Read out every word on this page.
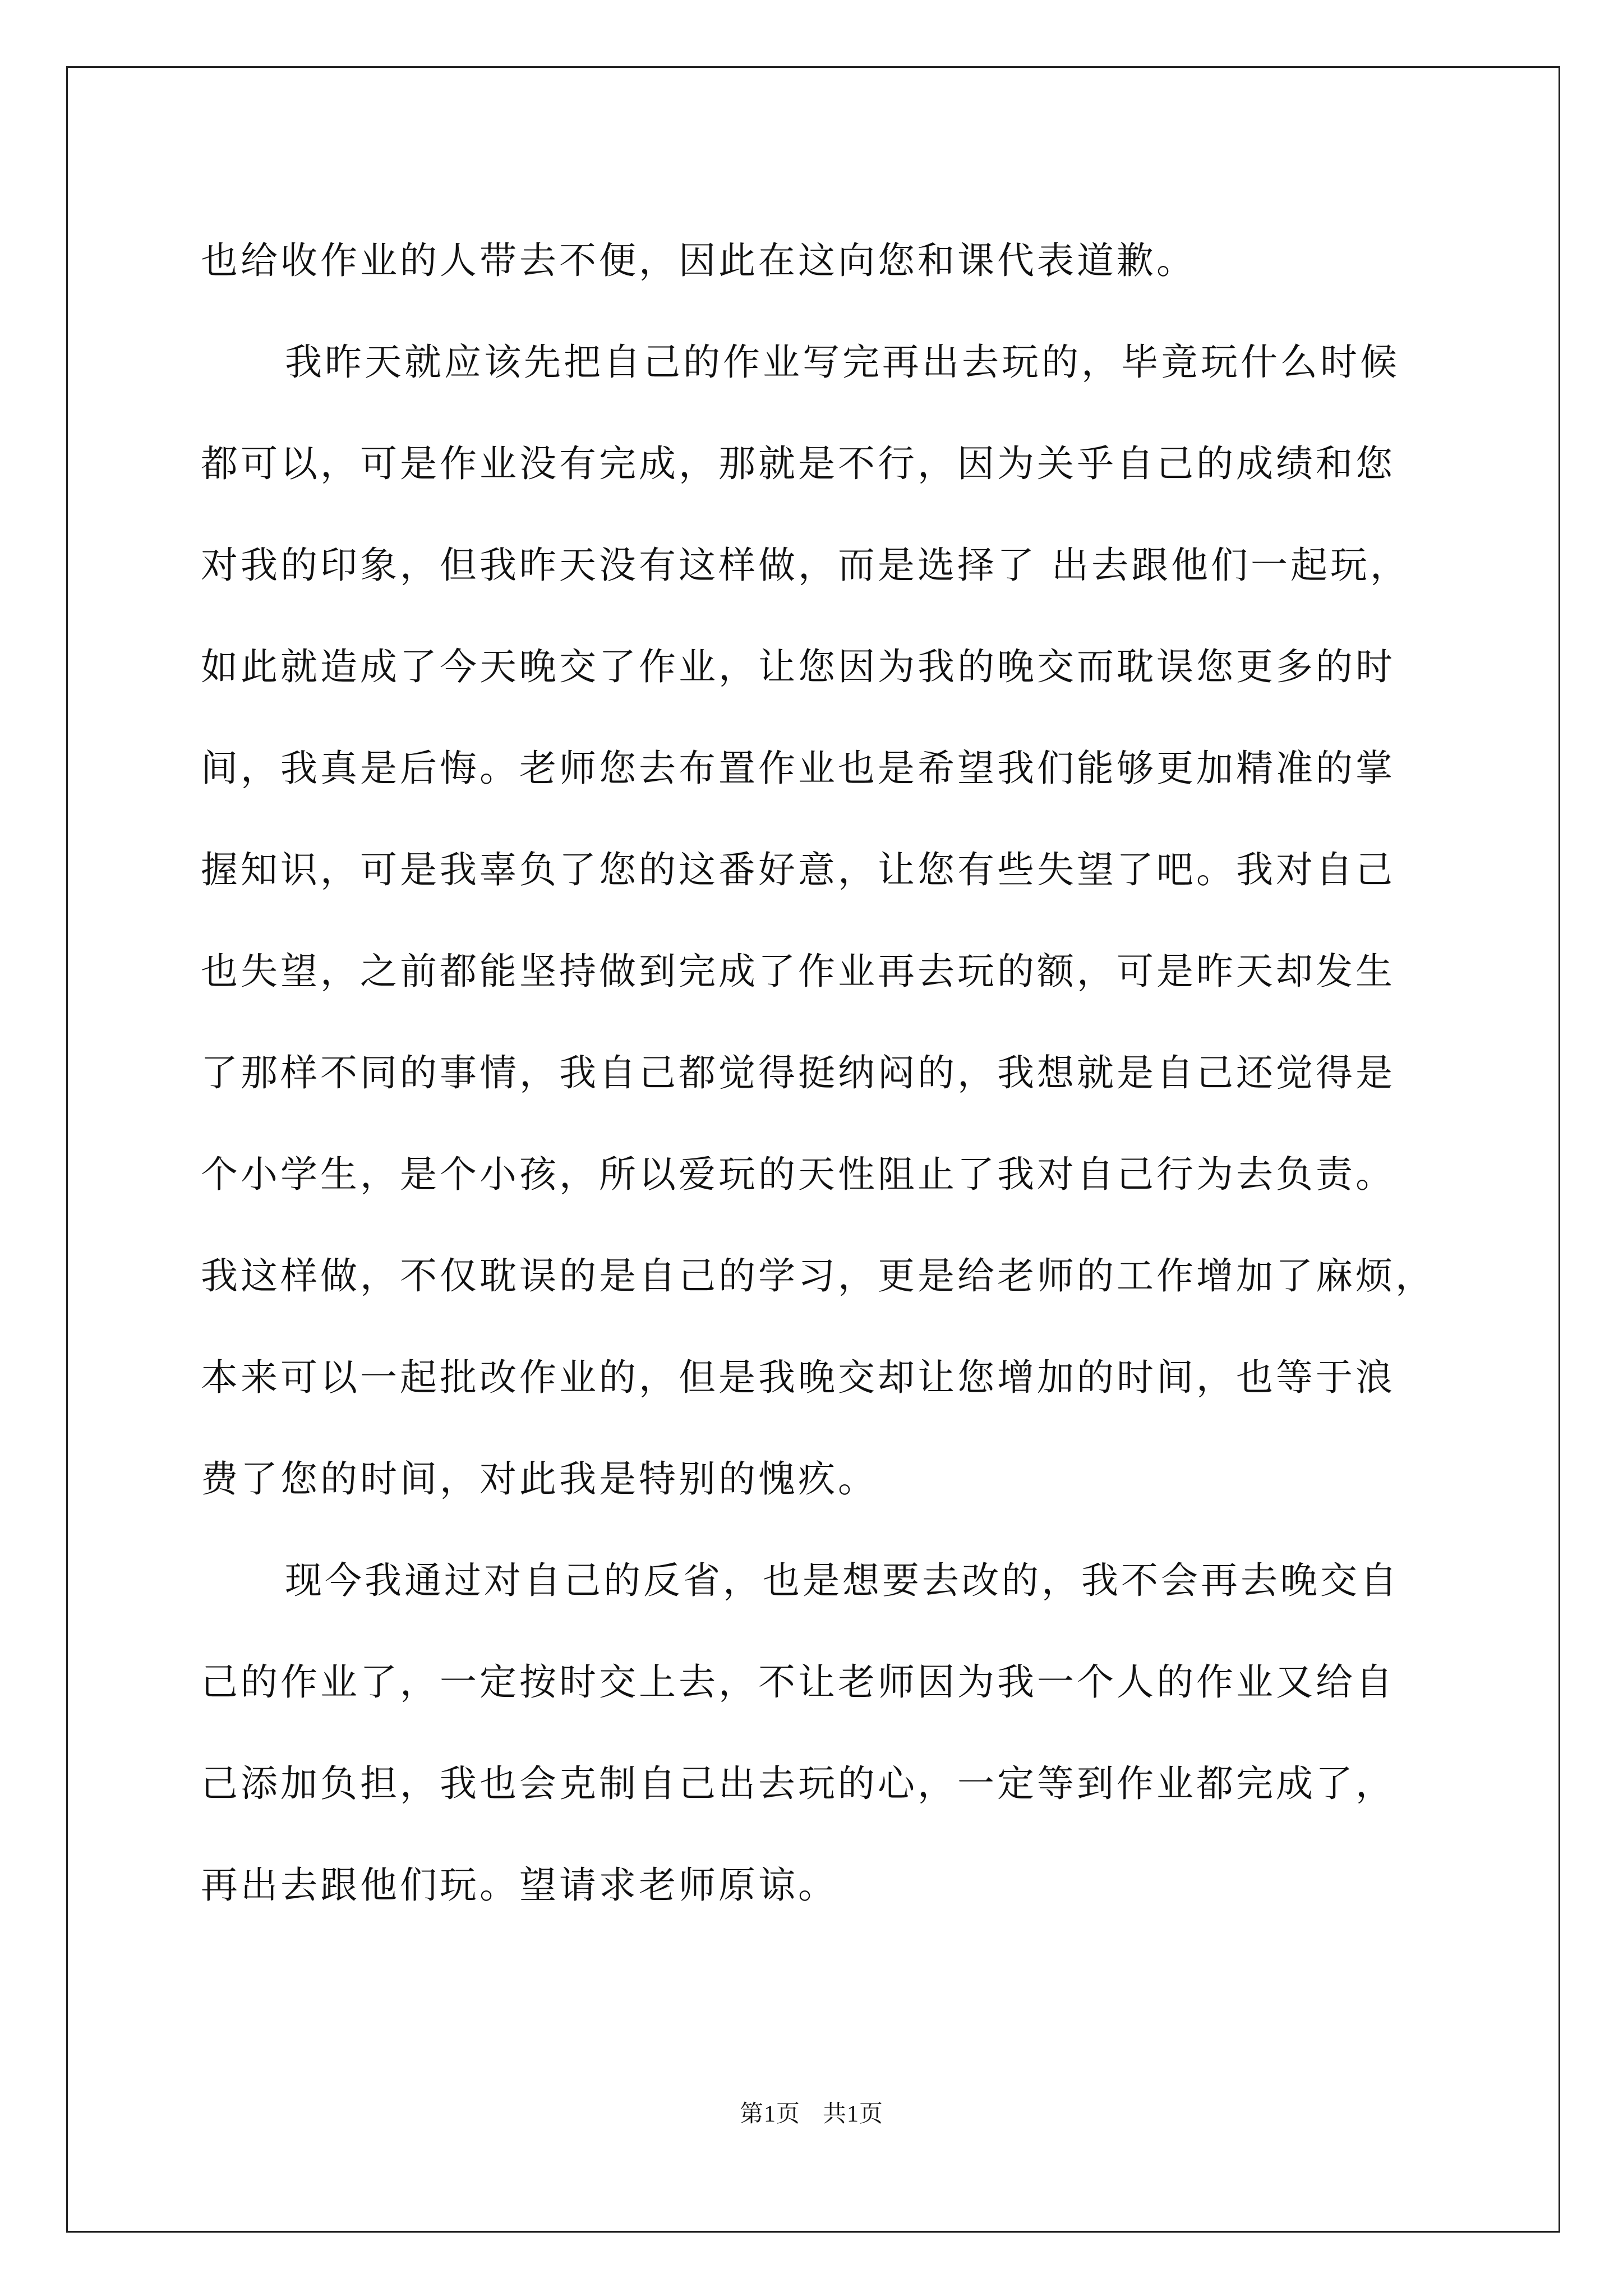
也给收作业的人带去不便，因此在这向您和课代表道歉。
我昨天就应该先把自己的作业写完再出去玩的，毕竟玩什么时候
都可以，可是作业没有完成，那就是不行，因为关乎自己的成绩和您
对我的印象，但我昨天没有这样做，而是选择了 出去跟他们一起玩，
如此就造成了今天晚交了作业，让您因为我的晚交而耽误您更多的时
间，我真是后悔。老师您去布置作业也是希望我们能够更加精准的掌
握知识，可是我辜负了您的这番好意，让您有些失望了吧。我对自己
也失望，之前都能坚持做到完成了作业再去玩的额，可是昨天却发生
了那样不同的事情，我自己都觉得挺纳闷的，我想就是自己还觉得是
个小学生，是个小孩，所以爱玩的天性阻止了我对自己行为去负责。
我这样做，不仅耽误的是自己的学习，更是给老师的工作增加了麻烦，
本来可以一起批改作业的，但是我晚交却让您增加的时间，也等于浪
费了您的时间，对此我是特别的愧疚。
现今我通过对自己的反省，也是想要去改的，我不会再去晚交自
己的作业了，一定按时交上去，不让老师因为我一个人的作业又给自
己添加负担，我也会克制自己出去玩的心，一定等到作业都完成了，
再出去跟他们玩。望请求老师原谅。
第1页 共1页
